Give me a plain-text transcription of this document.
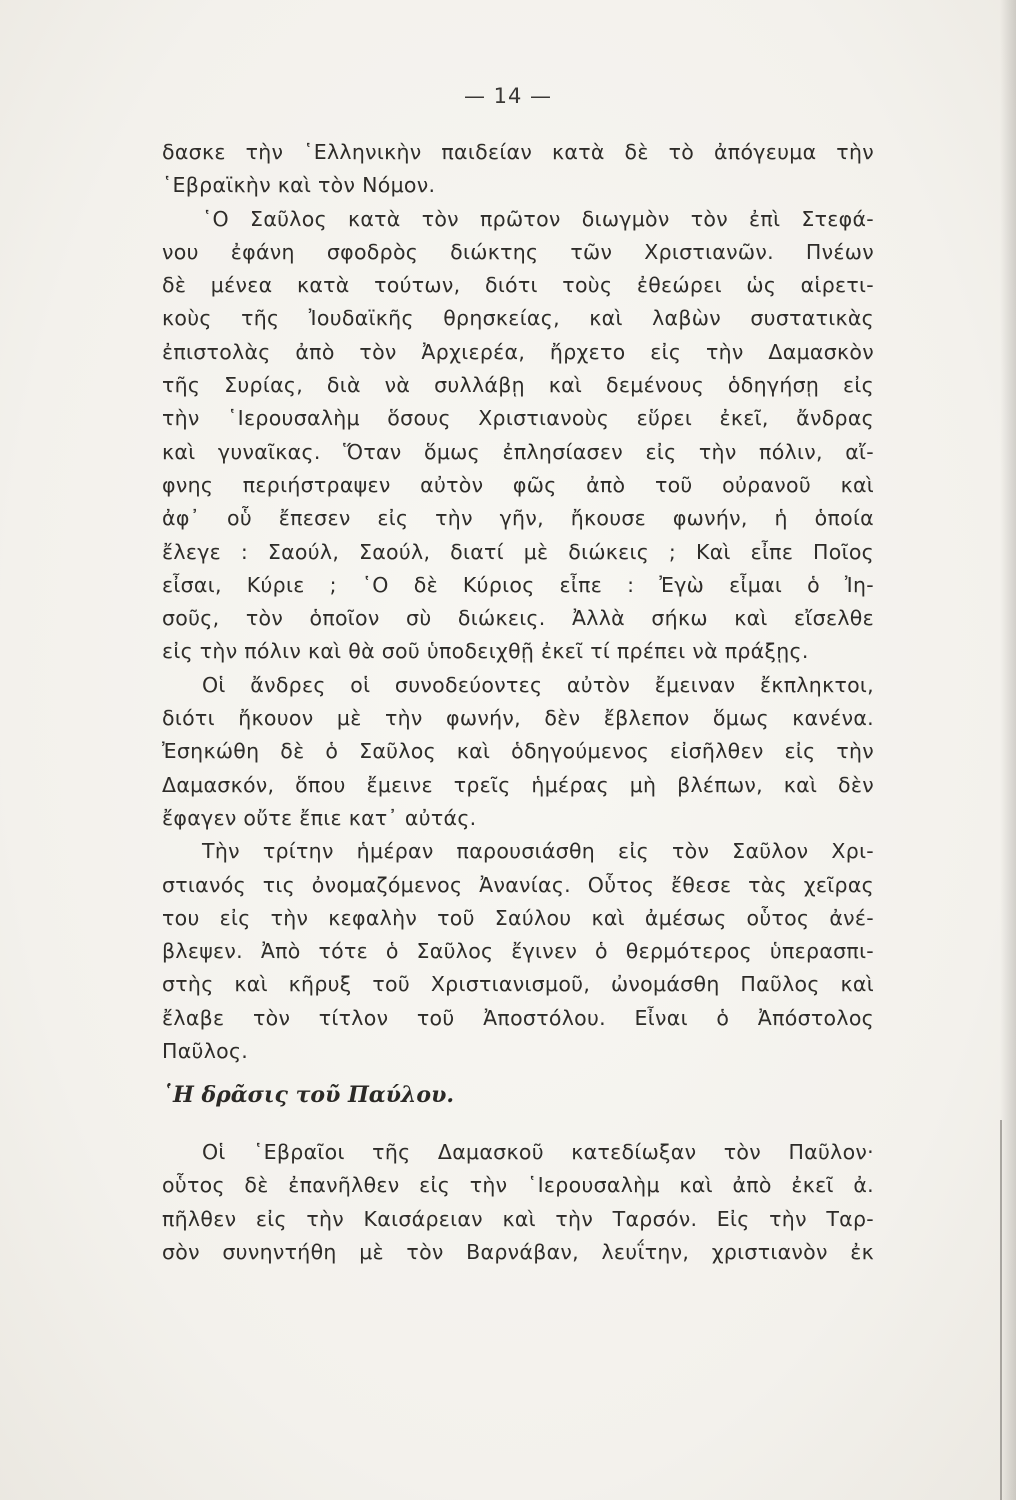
— 14 —
δασκε τὴν ῾Ελληνικὴν παιδείαν κατὰ δὲ τὸ ἀπόγευμα τὴν
῾Εβραϊκὴν καὶ τὸν Νόμον.
῾Ο Σαῦλος κατὰ τὸν πρῶτον διωγμὸν τὸν ἐπὶ Στεφά-
νου ἐφάνη σφοδρὸς διώκτης τῶν Χριστιανῶν. Πνέων
δὲ μένεα κατὰ τούτων, διότι τοὺς ἐθεώρει ὡς αἱρετι-
κοὺς τῆς Ἰουδαϊκῆς θρησκείας, καὶ λαβὼν συστατικὰς
ἐπιστολὰς ἀπὸ τὸν Ἀρχιερέα, ἤρχετο εἰς τὴν Δαμασκὸν
τῆς Συρίας, διὰ νὰ συλλάβῃ καὶ δεμένους ὁδηγήσῃ εἰς
τὴν ῾Ιερουσαλὴμ ὅσους Χριστιανοὺς εὕρει ἐκεῖ, ἄνδρας
καὶ γυναῖκας. Ὅταν ὅμως ἐπλησίασεν εἰς τὴν πόλιν, αἴ-
φνης περιήστραψεν αὐτὸν φῶς ἀπὸ τοῦ οὐρανοῦ καὶ
ἀφ᾽ οὗ ἔπεσεν εἰς τὴν γῆν, ἤκουσε φωνήν, ἡ ὁποία
ἔλεγε : Σαούλ, Σαούλ, διατί μὲ διώκεις ; Καὶ εἶπε Ποῖος
εἶσαι, Κύριε ; ῾Ο δὲ Κύριος εἶπε : Ἐγὼ εἶμαι ὁ Ἰη-
σοῦς, τὸν ὁποῖον σὺ διώκεις. Ἀλλὰ σήκω καὶ εἴσελθε
εἰς τὴν πόλιν καὶ θὰ σοῦ ὑποδειχθῇ ἐκεῖ τί πρέπει νὰ πράξῃς.
Οἱ ἄνδρες οἱ συνοδεύοντες αὐτὸν ἔμειναν ἔκπληκτοι,
διότι ἤκουον μὲ τὴν φωνήν, δὲν ἔβλεπον ὅμως κανένα.
Ἐσηκώθη δὲ ὁ Σαῦλος καὶ ὁδηγούμενος εἰσῆλθεν εἰς τὴν
Δαμασκόν, ὅπου ἔμεινε τρεῖς ἡμέρας μὴ βλέπων, καὶ δὲν
ἔφαγεν οὔτε ἔπιε κατ᾽ αὐτάς.
Τὴν τρίτην ἡμέραν παρουσιάσθη εἰς τὸν Σαῦλον Χρι-
στιανός τις ὀνομαζόμενος Ἀνανίας. Οὗτος ἔθεσε τὰς χεῖρας
του εἰς τὴν κεφαλὴν τοῦ Σαύλου καὶ ἀμέσως οὗτος ἀνέ-
βλεψεν. Ἀπὸ τότε ὁ Σαῦλος ἔγινεν ὁ θερμότερος ὑπερασπι-
στὴς καὶ κῆρυξ τοῦ Χριστιανισμοῦ, ὠνομάσθη Παῦλος καὶ
ἔλαβε τὸν τίτλον τοῦ Ἀποστόλου. Εἶναι ὁ Ἀπόστολος
Παῦλος.
῾Η δρᾶσις τοῦ Παύλου.
Οἱ ῾Εβραῖοι τῆς Δαμασκοῦ κατεδίωξαν τὸν Παῦλον·
οὗτος δὲ ἐπανῆλθεν εἰς τὴν ῾Ιερουσαλὴμ καὶ ἀπὸ ἐκεῖ ἀ.
πῆλθεν εἰς τὴν Καισάρειαν καὶ τὴν Ταρσόν. Εἰς τὴν Ταρ-
σὸν συνηντήθη μὲ τὸν Βαρνάβαν, λευΐτην, χριστιανὸν ἐκ
